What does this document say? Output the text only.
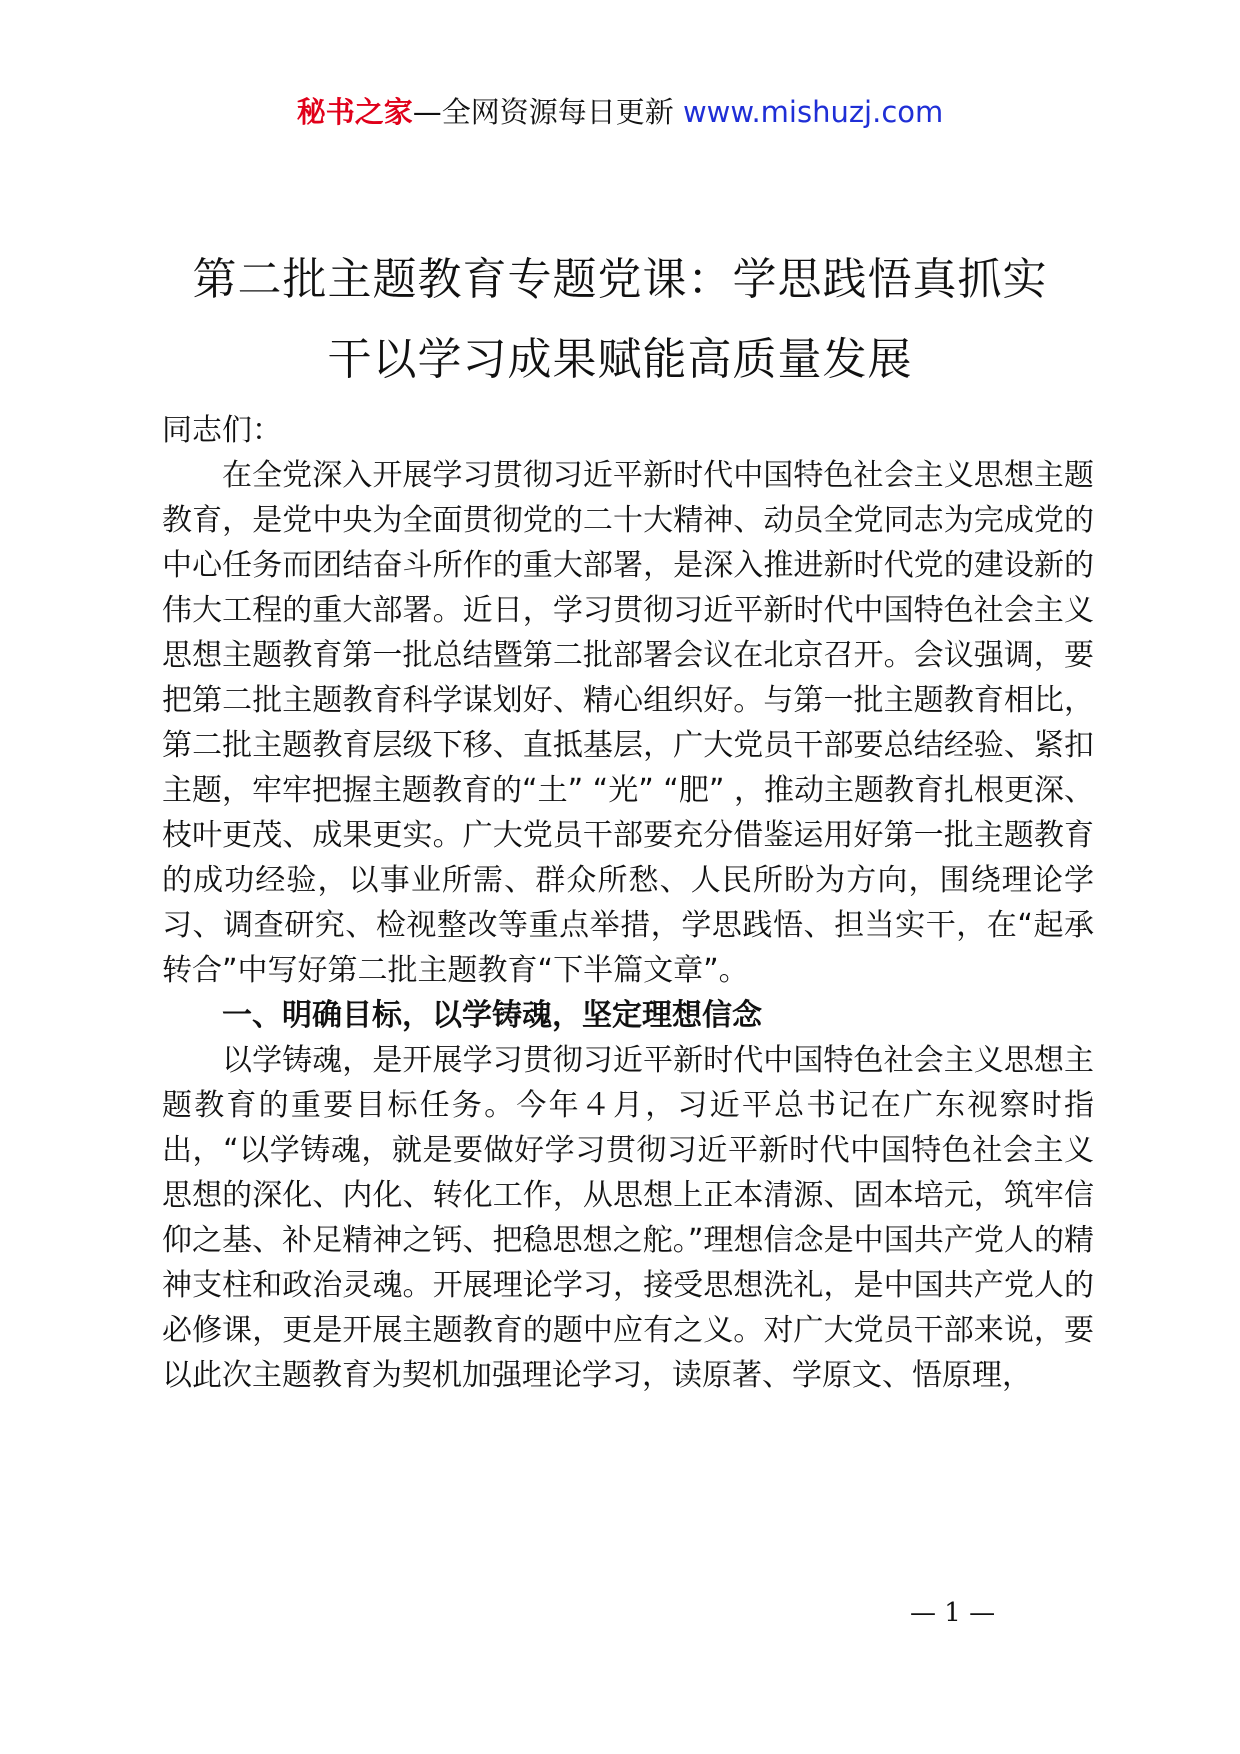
秘书之家—全网资源每日更新 www.mishuzj.com
第二批主题教育专题党课：学思践悟真抓实
干以学习成果赋能高质量发展

同志们：

在全党深入开展学习贯彻习近平新时代中国特色社会主义思想主题教育，是党中央为全面贯彻党的二十大精神、动员全党同志为完成党的中心任务而团结奋斗所作的重大部署，是深入推进新时代党的建设新的伟大工程的重大部署。近日，学习贯彻习近平新时代中国特色社会主义思想主题教育第一批总结暨第二批部署会议在北京召开。会议强调，要把第二批主题教育科学谋划好、精心组织好。与第一批主题教育相比，第二批主题教育层级下移、直抵基层，广大党员干部要总结经验、紧扣主题，牢牢把握主题教育的“土” “光” “肥” ，推动主题教育扎根更深、枝叶更茂、成果更实。广大党员干部要充分借鉴运用好第一批主题教育的成功经验，以事业所需、群众所愁、人民所盼为方向，围绕理论学习、调查研究、检视整改等重点举措，学思践悟、担当实干，在“起承转合”中写好第二批主题教育“下半篇文章”。

一、明确目标，以学铸魂，坚定理想信念

以学铸魂，是开展学习贯彻习近平新时代中国特色社会主义思想主题教育的重要目标任务。今年４月，习近平总书记在广东视察时指出，“以学铸魂，就是要做好学习贯彻习近平新时代中国特色社会主义思想的深化、内化、转化工作，从思想上正本清源、固本培元，筑牢信仰之基、补足精神之钙、把稳思想之舵。”理想信念是中国共产党人的精神支柱和政治灵魂。开展理论学习，接受思想洗礼，是中国共产党人的必修课，更是开展主题教育的题中应有之义。对广大党员干部来说，要以此次主题教育为契机加强理论学习，读原著、学原文、悟原理，

— 1 —
